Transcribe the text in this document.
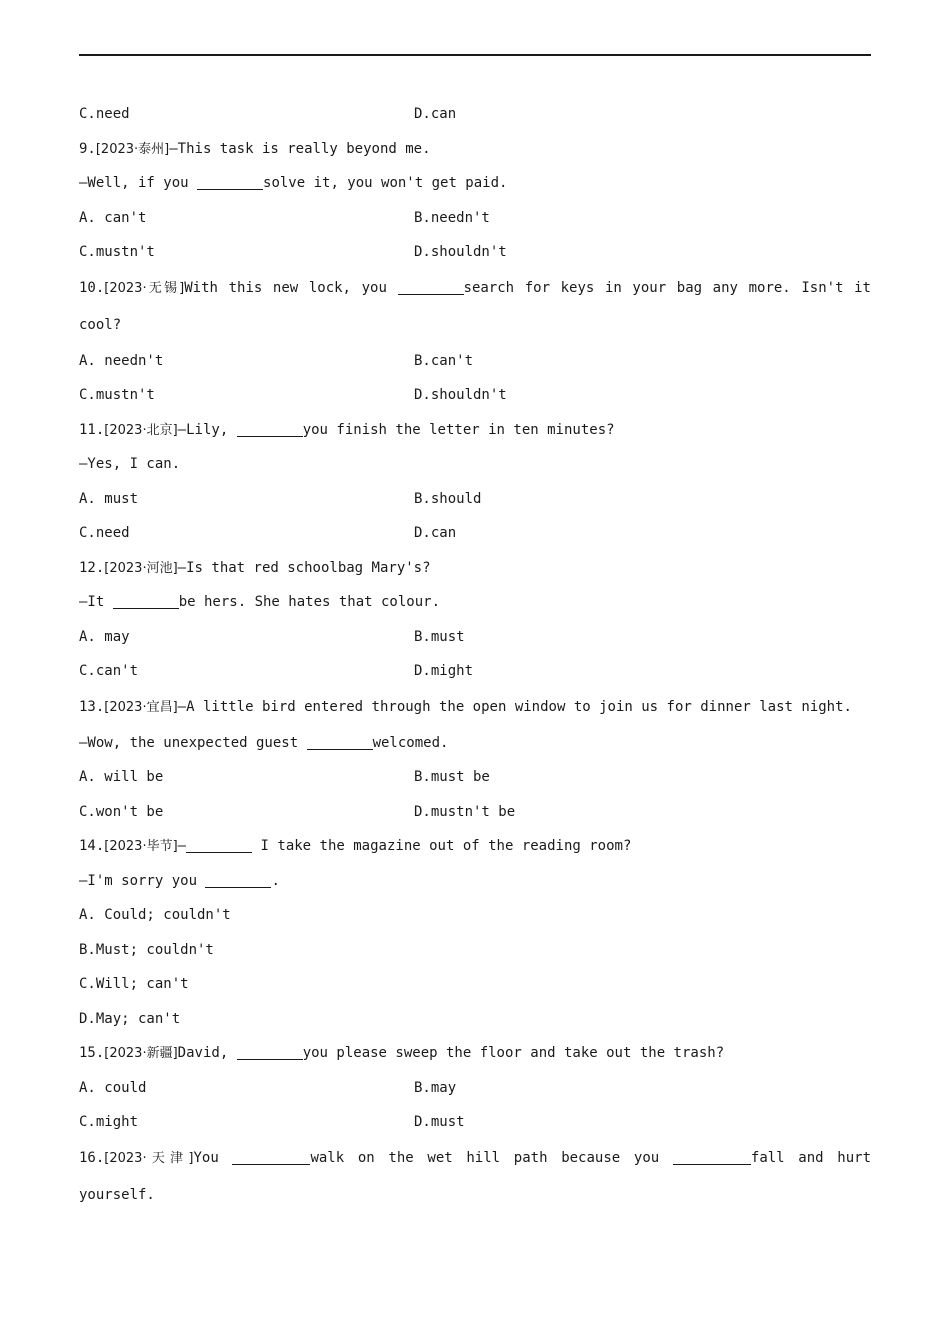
C.need	D.can
9.[2023·泰州]—This task is really beyond me.
—Well, if you	solve it, you won't get paid.
A. can't	B.needn't
C.mustn't	D.shouldn't

10.[2023·无锡]With this new lock, you	search for keys in your bag any more. Isn't it cool?

A. needn't	B.can't
C.mustn't	D.shouldn't
11.[2023·北京]—Lily,	you finish the letter in ten minutes?
—Yes, I can.
A. must	B.should
C.need	D.can
12.[2023·河池]—Is that red schoolbag Mary's?
—It	be hers. She hates that colour.
A. may	B.must
C.can't	D.might

13.[2023·宜昌]—A little bird entered through the open window to join us for dinner last night.

—Wow, the unexpected guest	welcomed.
A. will be	B.must be
C.won't be	D.mustn't be
14.[2023·毕节]—	I take the magazine out of the reading room?
—I'm sorry you	.
A. Could; couldn't
B.Must; couldn't
C.Will; can't
D.May; can't
15.[2023·新疆]David,	you please sweep the floor and take out the trash?
A. could	B.may
C.might	D.must

16.[2023·天津]You	walk on the wet hill path because you	fall and hurt yourself.
